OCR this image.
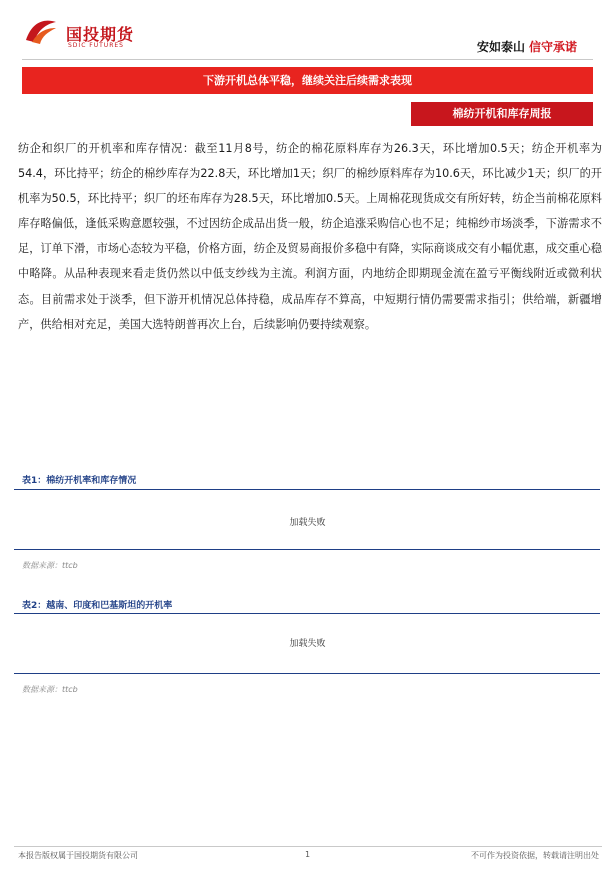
国投期货
SDIC FUTURES	安如泰山 信守承诺
下游开机总体平稳，继续关注后续需求表现
棉纺开机和库存周报
纺企和织厂的开机率和库存情况：截至11月8号，纺企的棉花原料库存为26.3天，环比增加0.5天；纺企开机率为54.4，环比持平；纺企的棉纱库存为22.8天，环比增加1天；织厂的棉纱原料库存为10.6天，环比减少1天；织厂的开机率为50.5，环比持平；织厂的坯布库存为28.5天，环比增加0.5天。上周棉花现货成交有所好转，纺企当前棉花原料库存略偏低，逢低采购意愿较强，不过因纺企成品出货一般，纺企追涨采购信心也不足；纯棉纱市场淡季，下游需求不足，订单下滑，市场心态较为平稳，价格方面，纺企及贸易商报价多稳中有降，实际商谈成交有小幅优惠，成交重心稳中略降。从品种表现来看走货仍然以中低支纱线为主流。利润方面，内地纺企即期现金流在盈亏平衡线附近或微利状态。目前需求处于淡季，但下游开机情况总体持稳，成品库存不算高，中短期行情仍需要需求指引；供给端，新疆增产，供给相对充足，美国大选特朗普再次上台，后续影响仍要持续观察。
表1：棉纺开机率和库存情况
加载失败
数据来源：ttcb
表2：越南、印度和巴基斯坦的开机率
加载失败
数据来源：ttcb
本报告版权属于国投期货有限公司	1	不可作为投资依据，转载请注明出处
